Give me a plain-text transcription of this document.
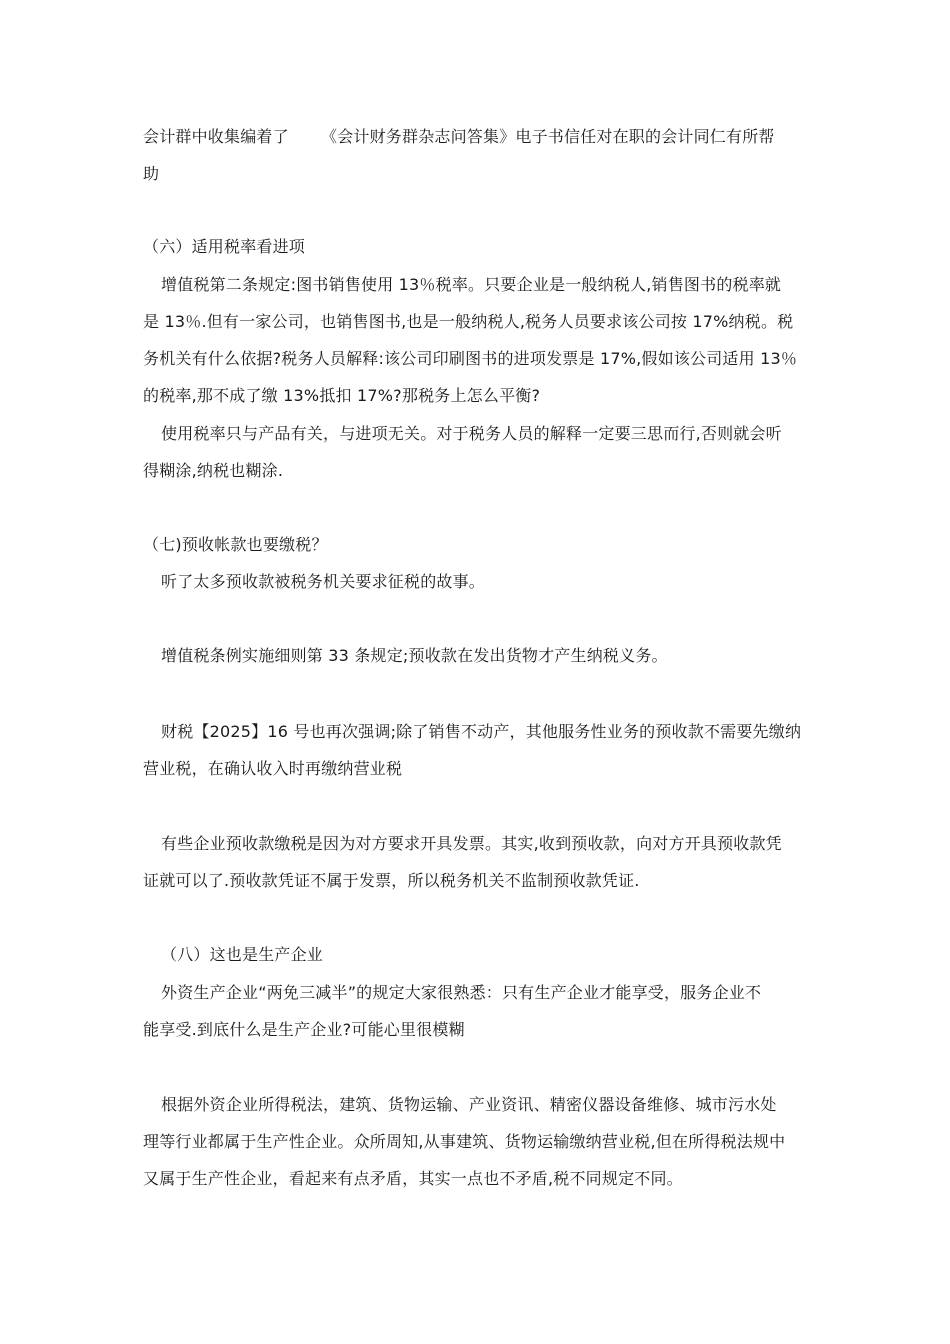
会计群中收集编着了 《会计财务群杂志问答集》电子书信任对在职的会计同仁有所帮
助
（六）适用税率看进项
增值税第二条规定:图书销售使用 13％税率。只要企业是一般纳税人,销售图书的税率就
是 13％.但有一家公司，也销售图书,也是一般纳税人,税务人员要求该公司按 17%纳税。税
务机关有什么依据?税务人员解释:该公司印刷图书的进项发票是 17%,假如该公司适用 13％
的税率,那不成了缴 13%抵扣 17%?那税务上怎么平衡?
使用税率只与产品有关，与进项无关。对于税务人员的解释一定要三思而行,否则就会听
得糊涂,纳税也糊涂.
（七)预收帐款也要缴税？
听了太多预收款被税务机关要求征税的故事。
增值税条例实施细则第 33 条规定;预收款在发出货物才产生纳税义务。
财税【2025】16 号也再次强调;除了销售不动产，其他服务性业务的预收款不需要先缴纳
营业税，在确认收入时再缴纳营业税
有些企业预收款缴税是因为对方要求开具发票。其实,收到预收款，向对方开具预收款凭
证就可以了.预收款凭证不属于发票，所以税务机关不监制预收款凭证.
（八）这也是生产企业
外资生产企业“两免三减半”的规定大家很熟悉：只有生产企业才能享受，服务企业不
能享受.到底什么是生产企业?可能心里很模糊
根据外资企业所得税法，建筑、货物运输、产业资讯、精密仪器设备维修、城市污水处
理等行业都属于生产性企业。众所周知,从事建筑、货物运输缴纳营业税,但在所得税法规中
又属于生产性企业，看起来有点矛盾，其实一点也不矛盾,税不同规定不同。
